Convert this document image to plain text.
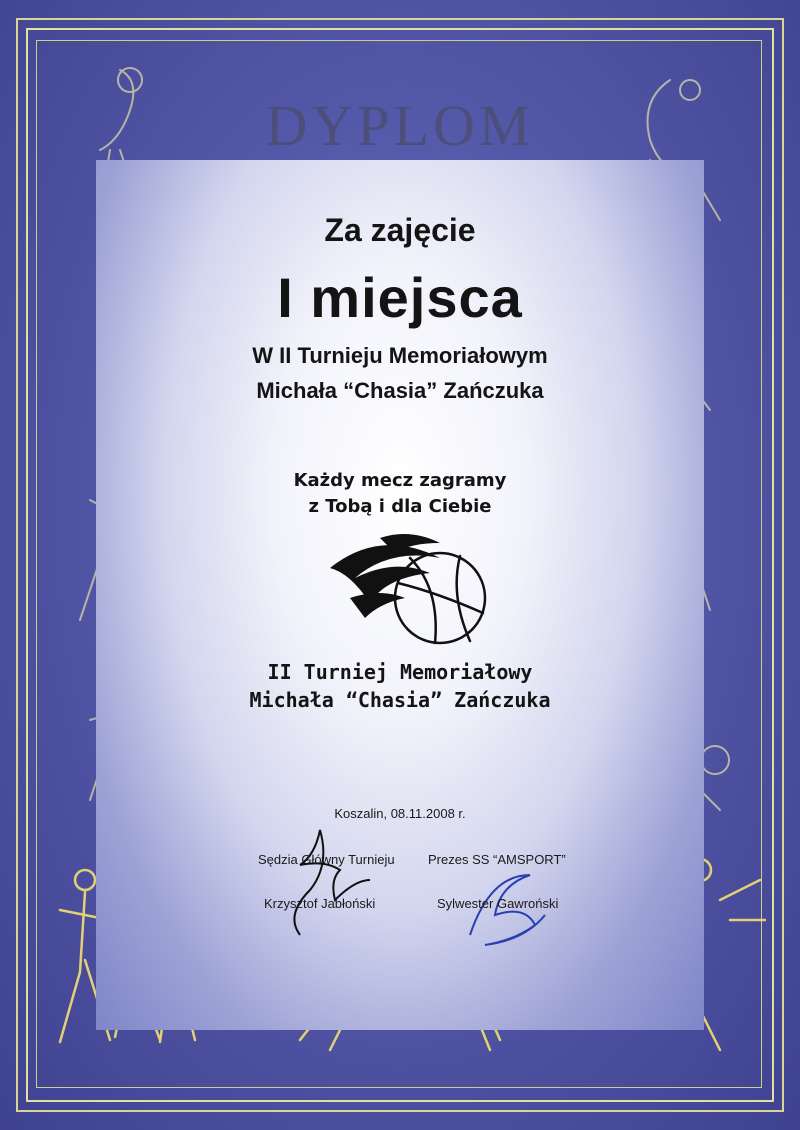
DYPLOM

Za zajęcie

I miejsca

W II Turnieju Memoriałowym

Michała “Chasia” Zańczuka

Każdy mecz zagramy

z Tobą i dla Ciebie

II Turniej Memoriałowy

Michała “Chasia” Zańczuka

Koszalin, 08.11.2008 r.

Sędzia Główny Turnieju	Prezes SS “AMSPORT”

Krzysztof Jabłoński	Sylwester Gawroński
